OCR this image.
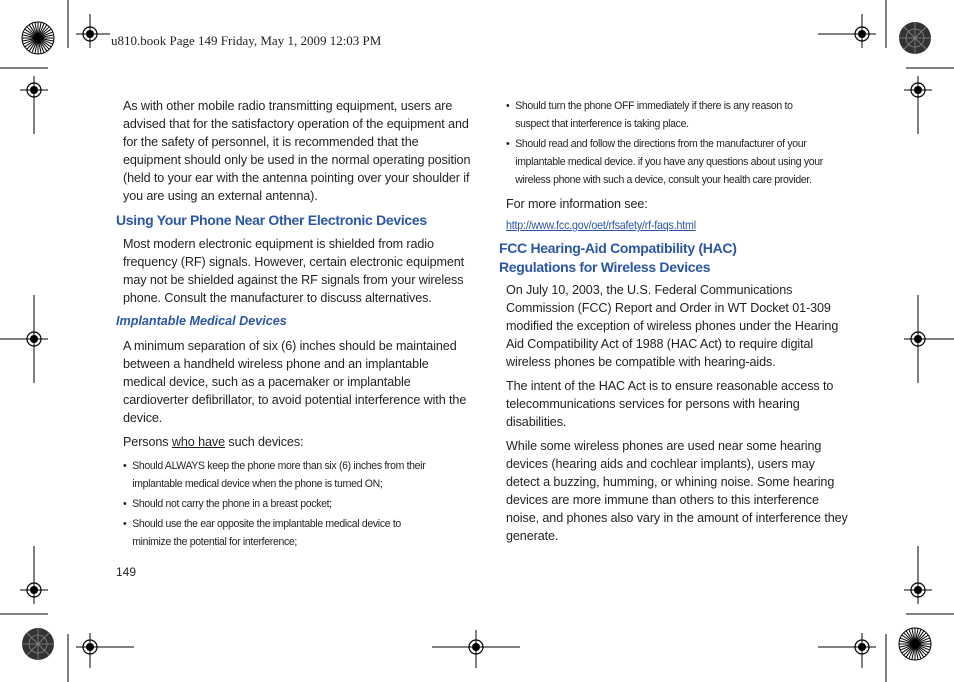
u810.book Page 149 Friday, May 1, 2009 12:03 PM

As with other mobile radio transmitting equipment, users are advised that for the satisfactory operation of the equipment and for the safety of personnel, it is recommended that the equipment should only be used in the normal operating position (held to your ear with the antenna pointing over your shoulder if you are using an external antenna).

Using Your Phone Near Other Electronic Devices

Most modern electronic equipment is shielded from radio frequency (RF) signals. However, certain electronic equipment may not be shielded against the RF signals from your wireless phone. Consult the manufacturer to discuss alternatives.

Implantable Medical Devices

A minimum separation of six (6) inches should be maintained between a handheld wireless phone and an implantable medical device, such as a pacemaker or implantable cardioverter defibrillator, to avoid potential interference with the device.

Persons who have such devices:

• Should ALWAYS keep the phone more than six (6) inches from their implantable medical device when the phone is turned ON;
• Should not carry the phone in a breast pocket;
• Should use the ear opposite the implantable medical device to minimize the potential for interference;
• Should turn the phone OFF immediately if there is any reason to suspect that interference is taking place.
• Should read and follow the directions from the manufacturer of your implantable medical device. if you have any questions about using your wireless phone with such a device, consult your health care provider.

For more information see:

http://www.fcc.gov/oet/rfsafety/rf-faqs.html
FCC Hearing-Aid Compatibility (HAC)
Regulations for Wireless Devices

On July 10, 2003, the U.S. Federal Communications Commission (FCC) Report and Order in WT Docket 01-309 modified the exception of wireless phones under the Hearing Aid Compatibility Act of 1988 (HAC Act) to require digital wireless phones be compatible with hearing-aids.

The intent of the HAC Act is to ensure reasonable access to telecommunications services for persons with hearing disabilities.

While some wireless phones are used near some hearing devices (hearing aids and cochlear implants), users may detect a buzzing, humming, or whining noise. Some hearing devices are more immune than others to this interference noise, and phones also vary in the amount of interference they generate.

149
